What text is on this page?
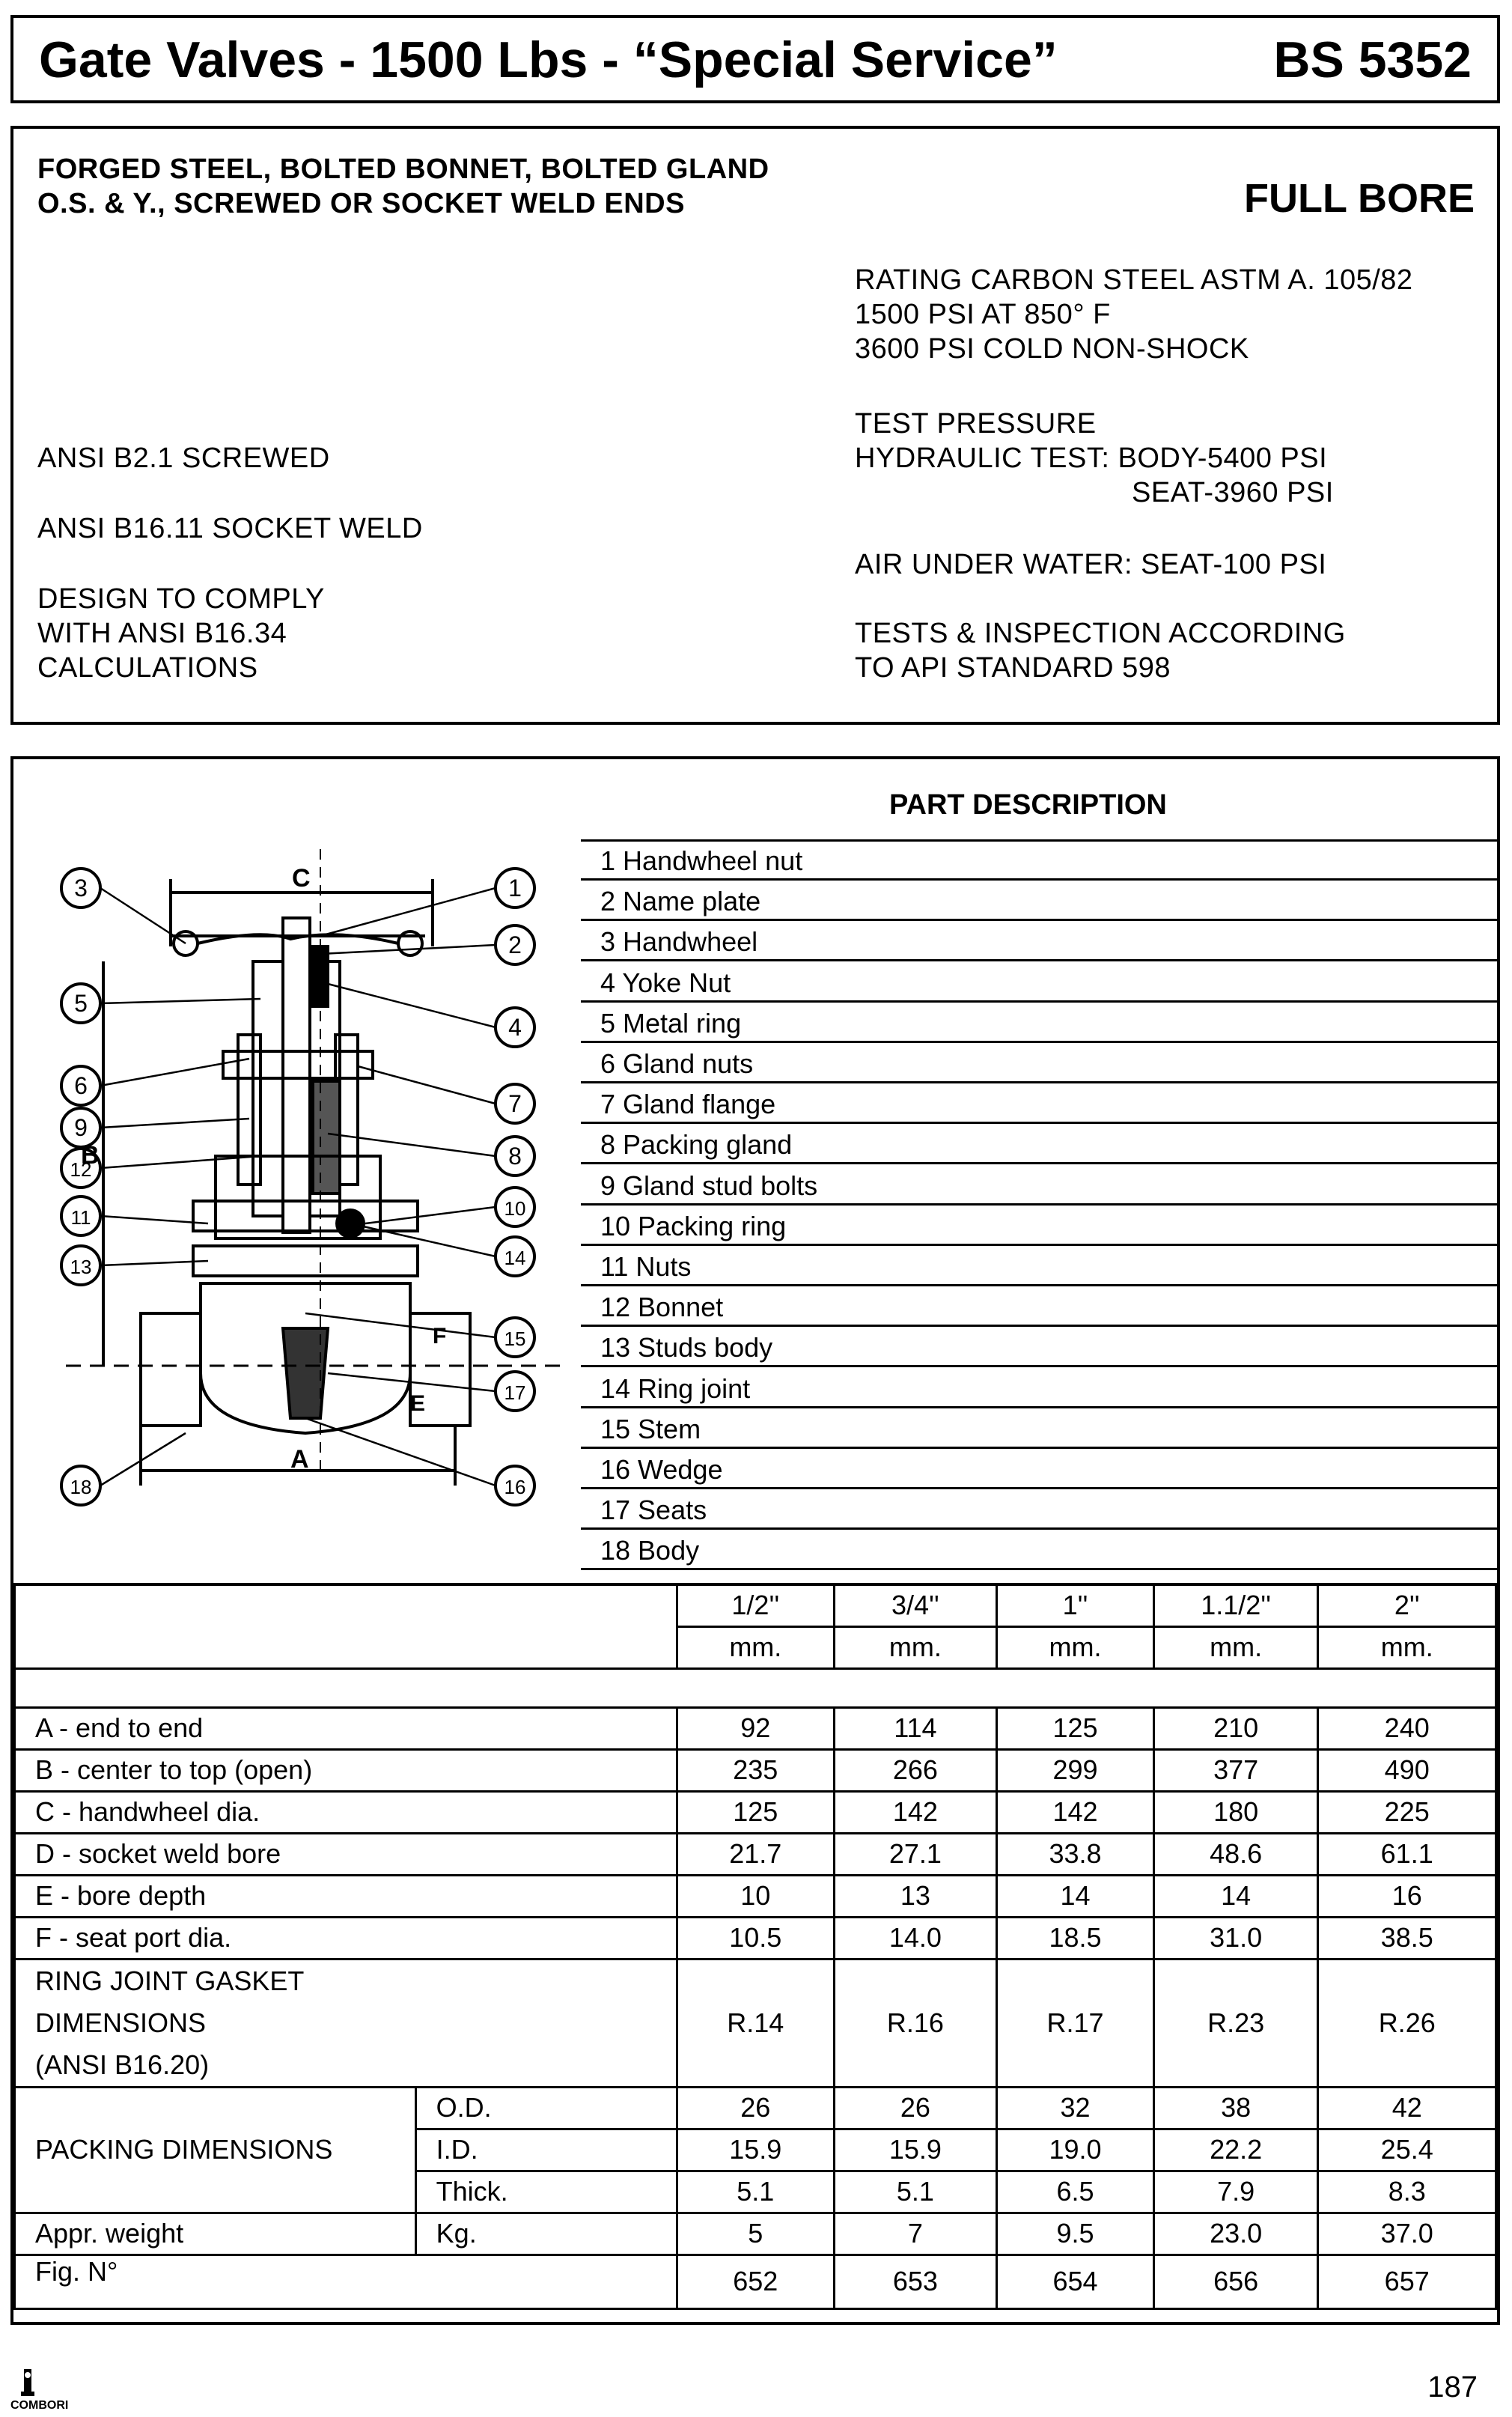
Gate Valves - 1500 Lbs - “Special Service”	BS 5352
FORGED STEEL, BOLTED BONNET, BOLTED GLAND
O.S. & Y., SCREWED OR SOCKET WELD ENDS	FULL BORE
RATING CARBON STEEL ASTM A. 105/82
1500 PSI AT 850° F
3600 PSI COLD NON-SHOCK
TEST PRESSURE
HYDRAULIC TEST: BODY-5400 PSI
SEAT-3960 PSI
AIR UNDER WATER: SEAT-100 PSI
TESTS & INSPECTION ACCORDING
TO API STANDARD 598
ANSI B2.1 SCREWED
ANSI B16.11 SOCKET WELD
DESIGN TO COMPLY
WITH ANSI B16.34
CALCULATIONS
PART DESCRIPTION
1 Handwheel nut
2 Name plate
3 Handwheel
4 Yoke Nut
5 Metal ring
6 Gland nuts
7 Gland flange
8 Packing gland
9 Gland stud bolts
10 Packing ring
11 Nuts
12 Bonnet
13 Studs body
14 Ring joint
15 Stem
16 Wedge
17 Seats
18 Body
3	1
2
5
4
6
7
9
8
12
10
11
14
13
15
17
18	16
C
B
A
E
F
		1/2''	3/4''	1''	1.1/2''	2''
		mm.	mm.	mm.	mm.	mm.

A - end to end		92	114	125	210	240
B - center to top (open)		235	266	299	377	490
C - handwheel dia.		125	142	142	180	225
D - socket weld bore		21.7	27.1	33.8	48.6	61.1
E - bore depth		10	13	14	14	16
F - seat port dia.		10.5	14.0	18.5	31.0	38.5

RING JOINT GASKET
DIMENSIONS
(ANSI B16.20)		R.14	R.16	R.17	R.23	R.26
PACKING DIMENSIONS	O.D.	26	26	32	38	42
	I.D.	15.9	15.9	19.0	22.2	25.4
	Thick.	5.1	5.1	6.5	7.9	8.3
Appr. weight	Kg.	5	7	9.5	23.0	37.0
Fig. N°		652	653	654	656	657
COMBORI
187
